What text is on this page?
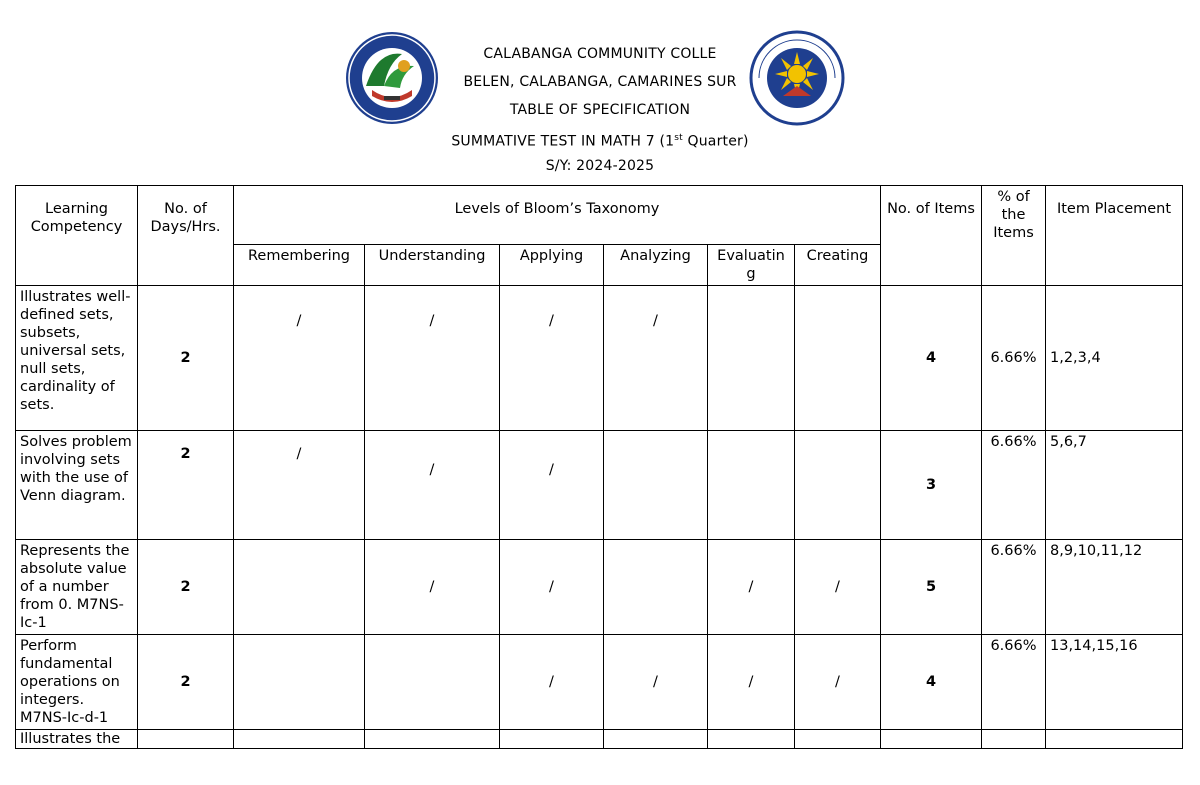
CALABANGA COMMUNITY COLLE
BELEN, CALABANGA, CAMARINES SUR
TABLE OF SPECIFICATION
SUMMATIVE TEST IN MATH 7 (1st Quarter)
S/Y: 2024-2025
Learning Competency	No. of Days/Hrs.	Levels of Bloom’s Taxonomy						No. of Items	% of the Items	Item Placement
		Remembering	Understanding	Applying	Analyzing	Evaluatin g	Creating			
Illustrates well-defined sets, subsets, universal sets, null sets, cardinality of sets.	2	/	/	/	/			4	6.66%	1,2,3,4
Solves problem involving sets with the use of Venn diagram.	2	/	/	/				3	6.66%	5,6,7
Represents the absolute value of a number from 0. M7NS-Ic-1	2		/	/		/	/	5	6.66%	8,9,10,11,12
Perform fundamental operations on integers. M7NS-Ic-d-1	2			/	/	/	/	4	6.66%	13,14,15,16
Illustrates the										
